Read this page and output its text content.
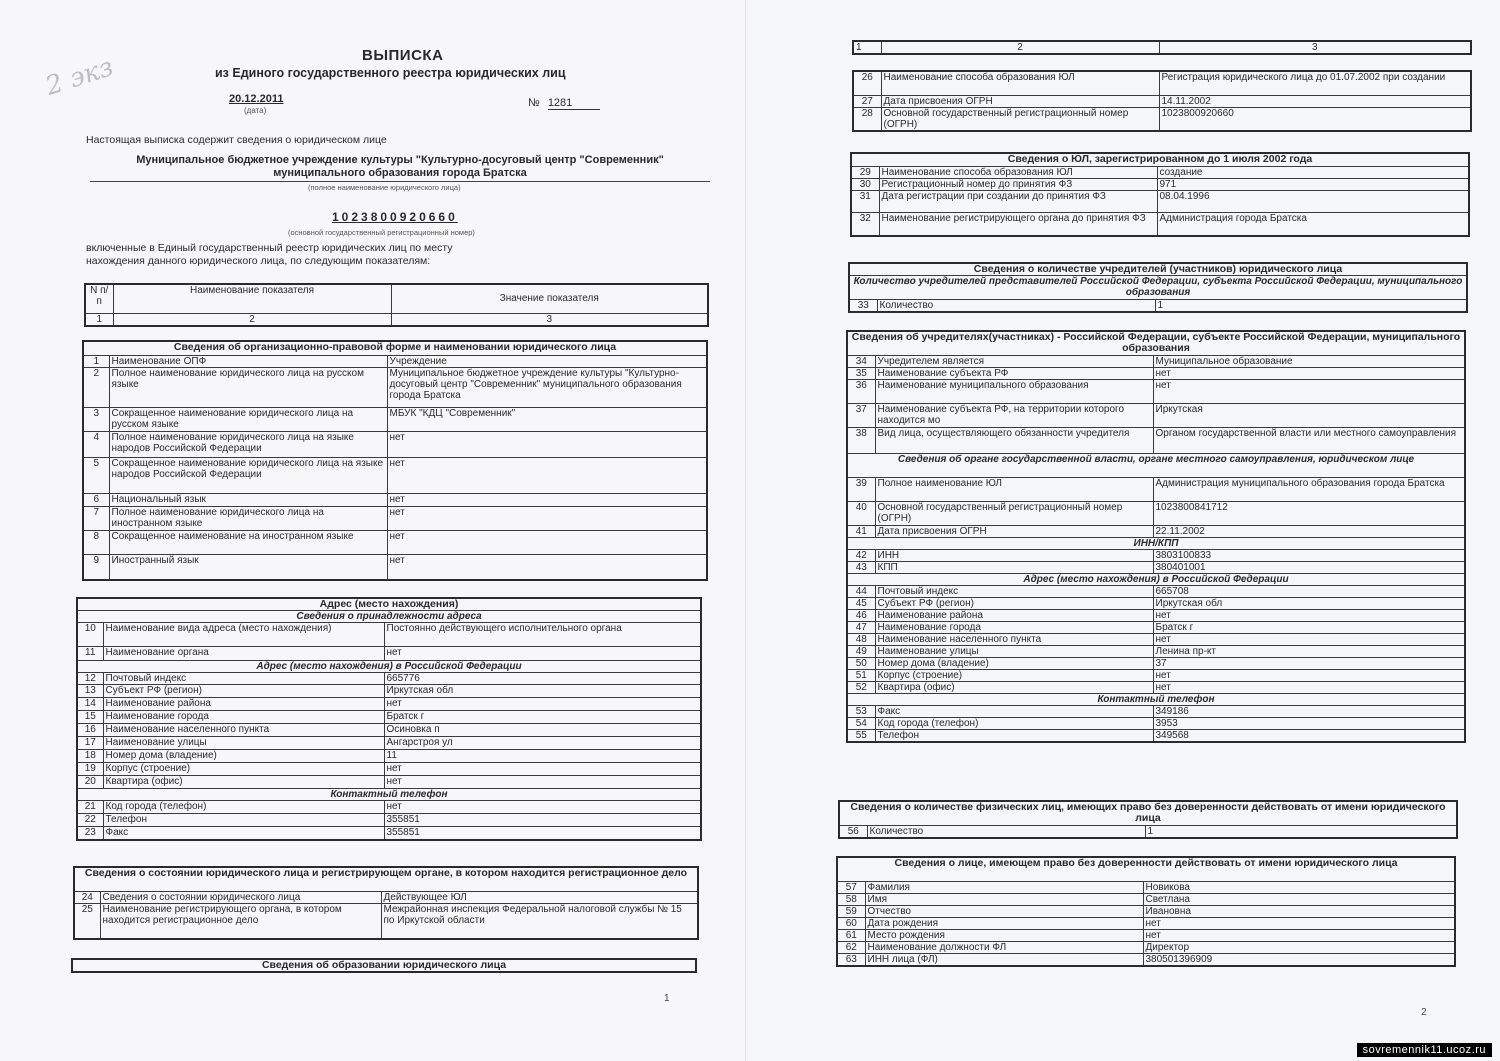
2 экз	ВЫПИСКА
из Единого государственного реестра юридических лиц
20.12.2011
(дата)
№ 1281
Настоящая выписка содержит сведения о юридическом лице
Муниципальное бюджетное учреждение культуры "Культурно-досуговый центр "Современник" муниципального образования города Братска
(полное наименование юридического лица)
1023800920660
(основной государственный регистрационный номер)
включенные в Единый государственный реестр юридических лиц по месту нахождения данного юридического лица, по следующим показателям:
N п/п	Наименование показателя	Значение показателя
1	2	3
Сведения об организационно-правовой форме и наименовании юридического лица		
1	Наименование ОПФ	Учреждение
2	Полное наименование юридического лица на русском языке	Муниципальное бюджетное учреждение культуры "Культурно-досуговый центр "Современник" муниципального образования города Братска
3	Сокращенное наименование юридического лица на русском языке	МБУК "КДЦ "Современник"
4	Полное наименование юридического лица на языке народов Российской Федерации	нет
5	Сокращенное наименование юридического лица на языке народов Российской Федерации	нет
6	Национальный язык	нет
7	Полное наименование юридического лица на иностранном языке	нет
8	Сокращенное наименование на иностранном языке	нет
9	Иностранный язык	нет
Адрес (место нахождения)		
Сведения о принадлежности адреса		
10	Наименование вида адреса (место нахождения)	Постоянно действующего исполнительного органа
11	Наименование органа	нет
Адрес (место нахождения) в Российской Федерации		
12	Почтовый индекс	665776
13	Субъект РФ (регион)	Иркутская обл
14	Наименование района	нет
15	Наименование города	Братск г
16	Наименование населенного пункта	Осиновка п
17	Наименование улицы	Ангарстроя ул
18	Номер дома (владение)	11
19	Корпус (строение)	нет
20	Квартира (офис)	нет
Контактный телефон		
21	Код города (телефон)	нет
22	Телефон	355851
23	Факс	355851
Сведения о состоянии юридического лица и регистрирующем органе, в котором находится регистрационное дело		
24	Сведения о состоянии юридического лица	Действующее ЮЛ
25	Наименование регистрирующего органа, в котором находится регистрационное дело	Межрайонная инспекция Федеральной налоговой службы № 15 по Иркутской области
Сведения об образовании юридического лица
1
1	2	3
26	Наименование способа образования ЮЛ	Регистрация юридического лица до 01.07.2002 при создании
27	Дата присвоения ОГРН	14.11.2002
28	Основной государственный регистрационный номер (ОГРН)	1023800920660
Сведения о ЮЛ, зарегистрированном до 1 июля 2002 года		
29	Наименование способа образования ЮЛ	создание
30	Регистрационный номер до принятия ФЗ	971
31	Дата регистрации при создании до принятия ФЗ	08.04.1996
32	Наименование регистрирующего органа до принятия ФЗ	Администрация города Братска
Сведения о количестве учредителей (участников) юридического лица
Количество учредителей представителей Российской Федерации, субъекта Российской Федерации, муниципального образования
33	Количество	1
Сведения об учредителях(участниках) - Российской Федерации, субъекте Российской Федерации, муниципального образования		
34	Учредителем является	Муниципальное образование
35	Наименование субъекта РФ	нет
36	Наименование муниципального образования	нет
37	Наименование субъекта РФ, на территории которого находится мо	Иркутская
38	Вид лица, осуществляющего обязанности учредителя	Органом государственной власти или местного самоуправления
Сведения об органе государственной власти, органе местного самоуправления, юридическом лице		
39	Полное наименование ЮЛ	Администрация муниципального образования города Братска
40	Основной государственный регистрационный номер (ОГРН)	1023800841712
41	Дата присвоения ОГРН	22.11.2002
ИНН/КПП		
42	ИНН	3803100833
43	КПП	380401001
Адрес (место нахождения) в Российской Федерации		
44	Почтовый индекс	665708
45	Субъект РФ (регион)	Иркутская обл
46	Наименование района	нет
47	Наименование города	Братск г
48	Наименование населенного пункта	нет
49	Наименование улицы	Ленина пр-кт
50	Номер дома (владение)	37
51	Корпус (строение)	нет
52	Квартира (офис)	нет
Контактный телефон		
53	Факс	349186
54	Код города (телефон)	3953
55	Телефон	349568
Сведения о количестве физических лиц, имеющих право без доверенности действовать от имени юридического лица
56	Количество	1
Сведения о лице, имеющем право без доверенности действовать от имени юридического лица		
57	Фамилия	Новикова
58	Имя	Светлана
59	Отчество	Ивановна
60	Дата рождения	нет
61	Место рождения	нет
62	Наименование должности ФЛ	Директор
63	ИНН лица (ФЛ)	380501396909
2
sovremennik11.ucoz.ru
